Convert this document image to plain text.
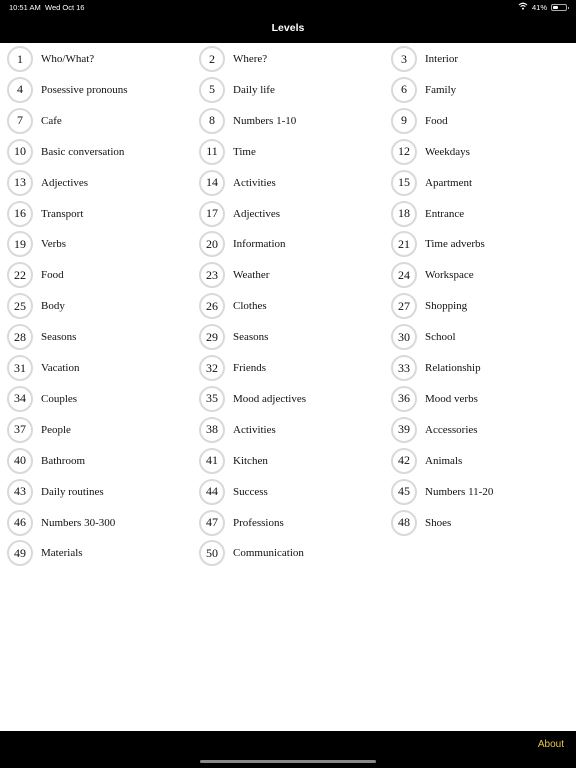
10:51 AM Wed Oct 16	41%
Levels
1	Who/What?	2	Where?	3	Interior
4	Posessive pronouns	5	Daily life	6	Family
7	Cafe	8	Numbers 1-10	9	Food
10	Basic conversation	11	Time	12	Weekdays
13	Adjectives	14	Activities	15	Apartment
16	Transport	17	Adjectives	18	Entrance
19	Verbs	20	Information	21	Time adverbs
22	Food	23	Weather	24	Workspace
25	Body	26	Clothes	27	Shopping
28	Seasons	29	Seasons	30	School
31	Vacation	32	Friends	33	Relationship
34	Couples	35	Mood adjectives	36	Mood verbs
37	People	38	Activities	39	Accessories
40	Bathroom	41	Kitchen	42	Animals
43	Daily routines	44	Success	45	Numbers 11-20
46	Numbers 30-300	47	Professions	48	Shoes
49	Materials	50	Communication
About
